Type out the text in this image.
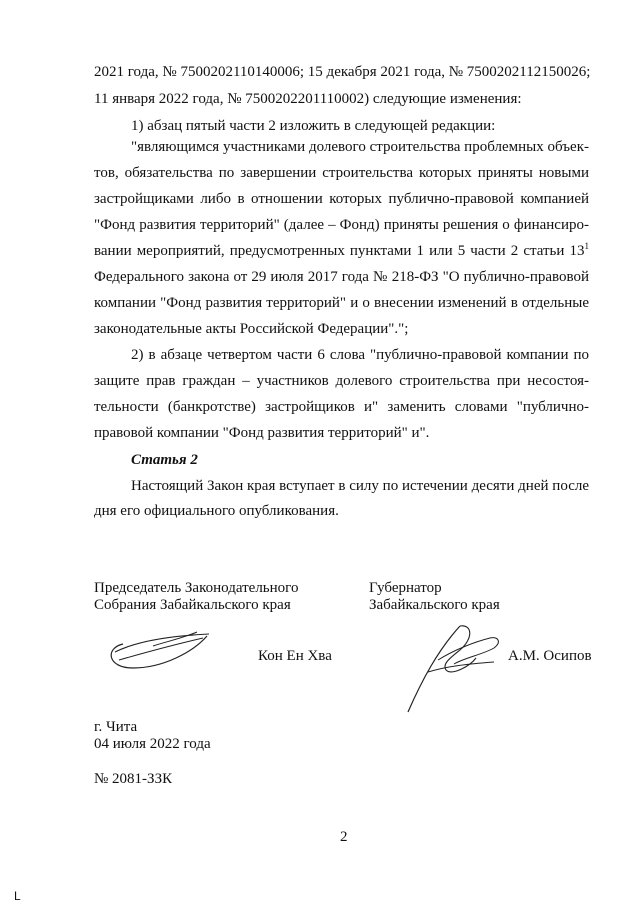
2021 года, № 7500202110140006; 15 декабря 2021 года, № 7500202112150026;
11 января 2022 года, № 7500202201110002) следующие изменения:
1) абзац пятый части 2 изложить в следующей редакции:
"являющимся участниками долевого строительства проблемных объек-
тов, обязательства по завершении строительства которых приняты новыми
застройщиками либо в отношении которых публично-правовой компанией
"Фонд развития территорий" (далее – Фонд) приняты решения о финансиро-
вании мероприятий, предусмотренных пунктами 1 или 5 части 2 статьи $13^1$
Федерального закона от 29 июля 2017 года № 218-ФЗ "О публично-правовой
компании "Фонд развития территорий" и о внесении изменений в отдельные
законодательные акты Российской Федерации".";
2) в абзаце четвертом части 6 слова "публично-правовой компании по
защите прав граждан – участников долевого строительства при несостоя-
тельности (банкротстве) застройщиков и" заменить словами "публично-
правовой компании "Фонд развития территорий" и".
Статья 2
Настоящий Закон края вступает в силу по истечении десяти дней после
дня его официального опубликования.
Председатель Законодательного
Собрания Забайкальского края
Губернатор
Забайкальского края
Кон Ен Хва	А.М. Осипов
г. Чита
04 июля 2022 года
№ 2081-ЗЗК
2
L
